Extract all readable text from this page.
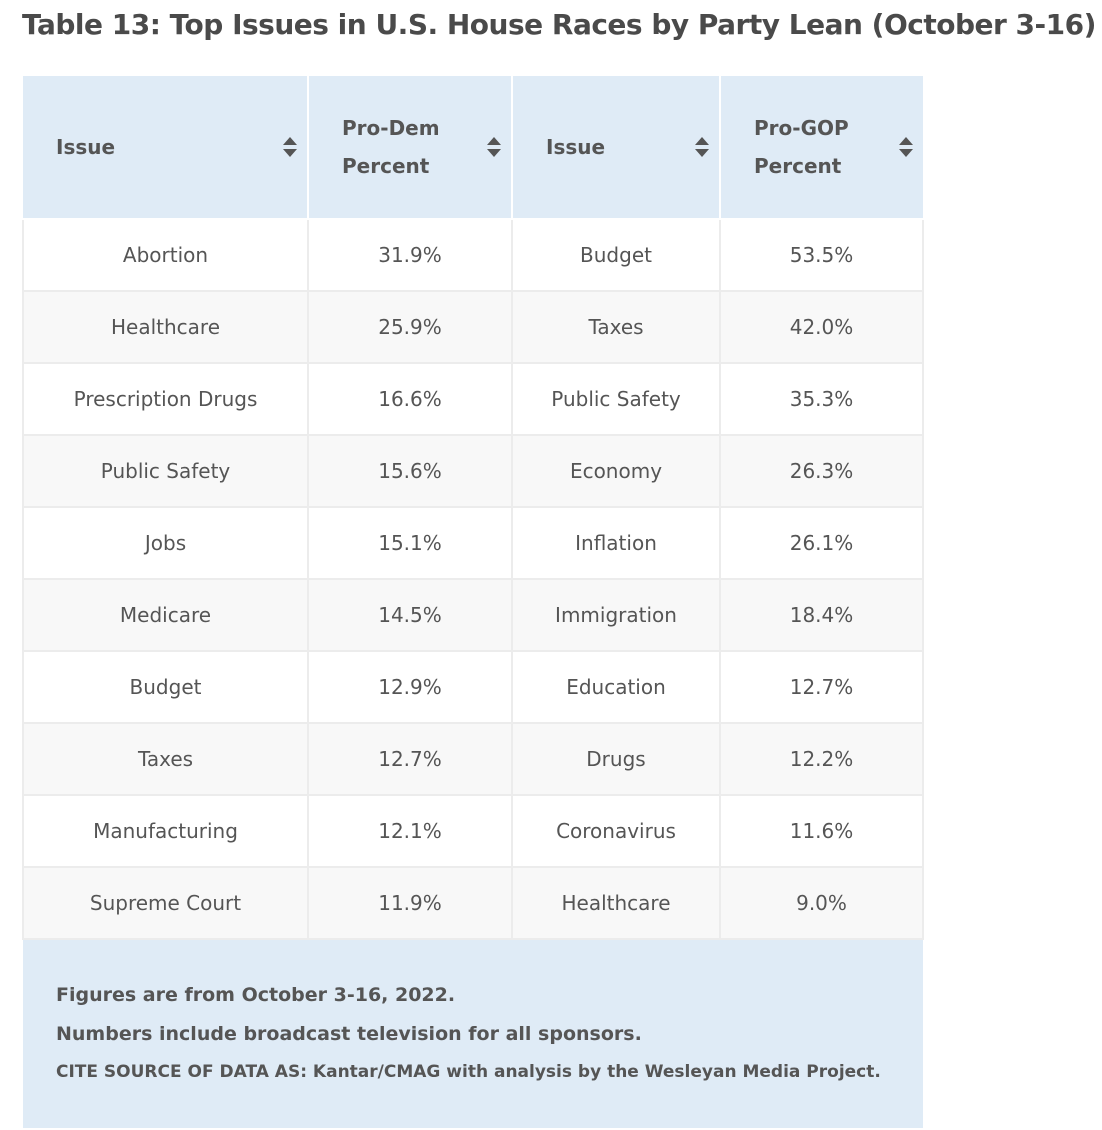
Table 13: Top Issues in U.S. House Races by Party Lean (October 3-16)
Issue	Pro-Dem Percent	Issue	Pro-GOP Percent

Abortion	31.9%	Budget	53.5%
Healthcare	25.9%	Taxes	42.0%
Prescription Drugs	16.6%	Public Safety	35.3%
Public Safety	15.6%	Economy	26.3%
Jobs	15.1%	Inflation	26.1%
Medicare	14.5%	Immigration	18.4%
Budget	12.9%	Education	12.7%
Taxes	12.7%	Drugs	12.2%
Manufacturing	12.1%	Coronavirus	11.6%
Supreme Court	11.9%	Healthcare	9.0%

Figures are from October 3-16, 2022.
Numbers include broadcast television for all sponsors.
CITE SOURCE OF DATA AS: Kantar/CMAG with analysis by the Wesleyan Media Project.			
